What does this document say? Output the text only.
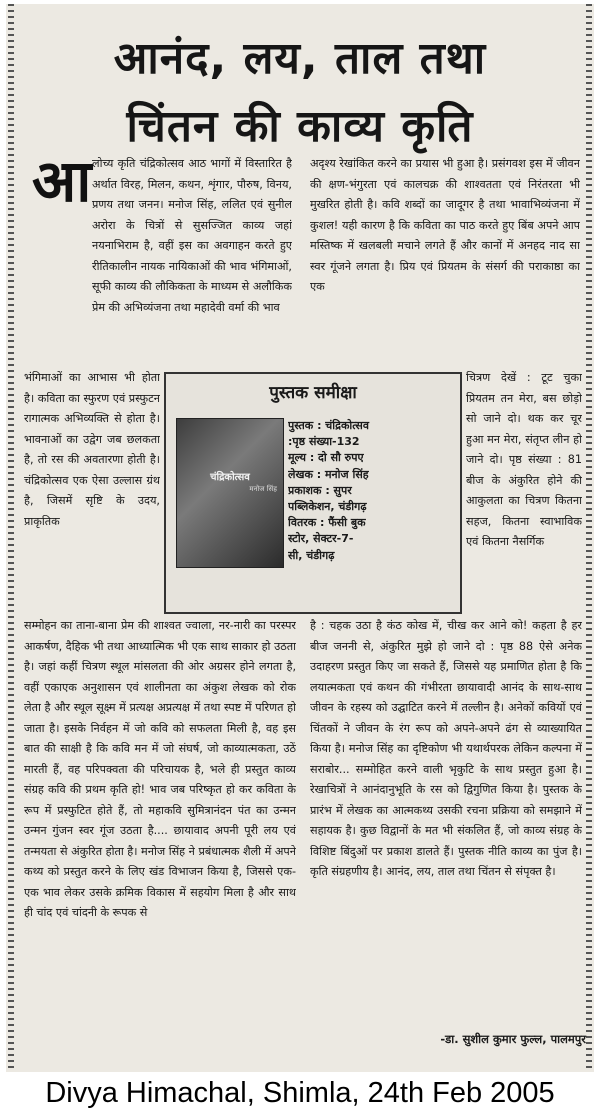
आनंद, लय, ताल तथा
चिंतन की काव्य कृति
आ लोच्य कृति चंद्रिकोत्सव आठ भागों में विस्तारित है अर्थात विरह, मिलन, कथन, शृंगार, पौरुष, विनय, प्रणय तथा जनन। मनोज सिंह, ललित एवं सुनील अरोरा के चित्रों से सुसज्जित काव्य जहां नयनाभिराम है, वहीं इस का अवगाहन करते हुए रीतिकालीन नायक नायिकाओं की भाव भंगिमाओं, सूफी काव्य की लौकिकता के माध्यम से अलौकिक प्रेम की अभिव्यंजना तथा महादेवी वर्मा की भाव

भंगिमाओं का आभास भी होता है। कविता का स्फुरण एवं प्रस्फुटन रागात्मक अभिव्यक्ति से होता है। भावनाओं का उद्वेग जब छलकता है, तो रस की अवतारणा होती है। चंद्रिकोत्सव एक ऐसा उल्लास ग्रंथ है, जिसमें सृष्टि के उदय, प्राकृतिक

सम्मोहन का ताना-बाना प्रेम की शाश्वत ज्वाला, नर-नारी का परस्पर आकर्षण, दैहिक भी तथा आध्यात्मिक भी एक साथ साकार हो उठता है। जहां कहीं चित्रण स्थूल मांसलता की ओर अग्रसर होने लगता है, वहीं एकाएक अनुशासन एवं शालीनता का अंकुश लेखक को रोक लेता है और स्थूल सूक्ष्म में प्रत्यक्ष अप्रत्यक्ष में तथा स्पष्ट में परिणत हो जाता है। इसके निर्वहन में जो कवि को सफलता मिली है, वह इस बात की साक्षी है कि कवि मन में जो संघर्ष, जो काव्यात्मकता, उठें मारती हैं, वह परिपक्वता की परिचायक है, भले ही प्रस्तुत काव्य संग्रह कवि की प्रथम कृति हो! भाव जब परिष्कृत हो कर कविता के रूप में प्रस्फुटित होते हैं, तो महाकवि सुमित्रानंदन पंत का उन्मन उन्मन गुंजन स्वर गूंज उठता है.... छायावाद अपनी पूरी लय एवं तन्मयता से अंकुरित होता है। मनोज सिंह ने प्रबंधात्मक शैली में अपने कथ्य को प्रस्तुत करने के लिए खंड विभाजन किया है, जिससे एक-एक भाव लेकर उसके क्रमिक विकास में सहयोग मिला है और साथ ही चांद एवं चांदनी के रूपक से

अदृश्य रेखांकित करने का प्रयास भी हुआ है। प्रसंगवश इस में जीवन की क्षण-भंगुरता एवं कालचक्र की शाश्वतता एवं निरंतरता भी मुखरित होती है। कवि शब्दों का जादूगर है तथा भावाभिव्यंजना में कुशल! यही कारण है कि कविता का पाठ करते हुए बिंब अपने आप मस्तिष्क में खलबली मचाने लगते हैं और कानों में अनहद नाद सा स्वर गूंजने लगता है। प्रिय एवं प्रियतम के संसर्ग की पराकाष्ठा का एक

चित्रण देखें : टूट चुका प्रियतम तन मेरा, बस छोड़ो सो जाने दो। थक कर चूर हुआ मन मेरा, संतृप्त लीन हो जाने दो। पृष्ठ संख्या : 81 बीज के अंकुरित होने की आकुलता का चित्रण कितना सहज, कितना स्वाभाविक एवं कितना नैसर्गिक

है : चहक उठा है कंठ कोख में, चीख कर आने को! कहता है हर बीज जननी से, अंकुरित मुझे हो जाने दो : पृष्ठ 88 ऐसे अनेक उदाहरण प्रस्तुत किए जा सकते हैं, जिससे यह प्रमाणित होता है कि लयात्मकता एवं कथन की गंभीरता छायावादी आनंद के साथ-साथ जीवन के रहस्य को उद्घाटित करने में तल्लीन है। अनेकों कवियों एवं चिंतकों ने जीवन के रंग रूप को अपने-अपने ढंग से व्याख्यायित किया है। मनोज सिंह का दृष्टिकोण भी यथार्थपरक लेकिन कल्पना में सराबोर... सम्मोहित करने वाली भृकुटि के साथ प्रस्तुत हुआ है। रेखाचित्रों ने आनंदानुभूति के रस को द्विगुणित किया है। पुस्तक के प्रारंभ में लेखक का आत्मकथ्य उसकी रचना प्रक्रिया को समझाने में सहायक है। कुछ विद्वानों के मत भी संकलित हैं, जो काव्य संग्रह के विशिष्ट बिंदुओं पर प्रकाश डालते हैं। पुस्तक नीति काव्य का पुंज है। कृति संग्रहणीय है। आनंद, लय, ताल तथा चिंतन से संपृक्त है।

-डा. सुशील कुमार फुल्ल, पालमपुर
पुस्तक समीक्षा
चंद्रिकोत्सव
मनोज सिंह
पुस्तक : चंद्रिकोत्सव
:पृष्ठ संख्या-132
मूल्य : दो सौ रुपए
लेखक : मनोज सिंह
प्रकाशक : सुपर
पब्लिकेशन, चंडीगढ़
वितरक : फैंसी बुक
स्टोर, सेक्टर-7-
सी, चंडीगढ़
Divya Himachal, Shimla, 24th Feb 2005
